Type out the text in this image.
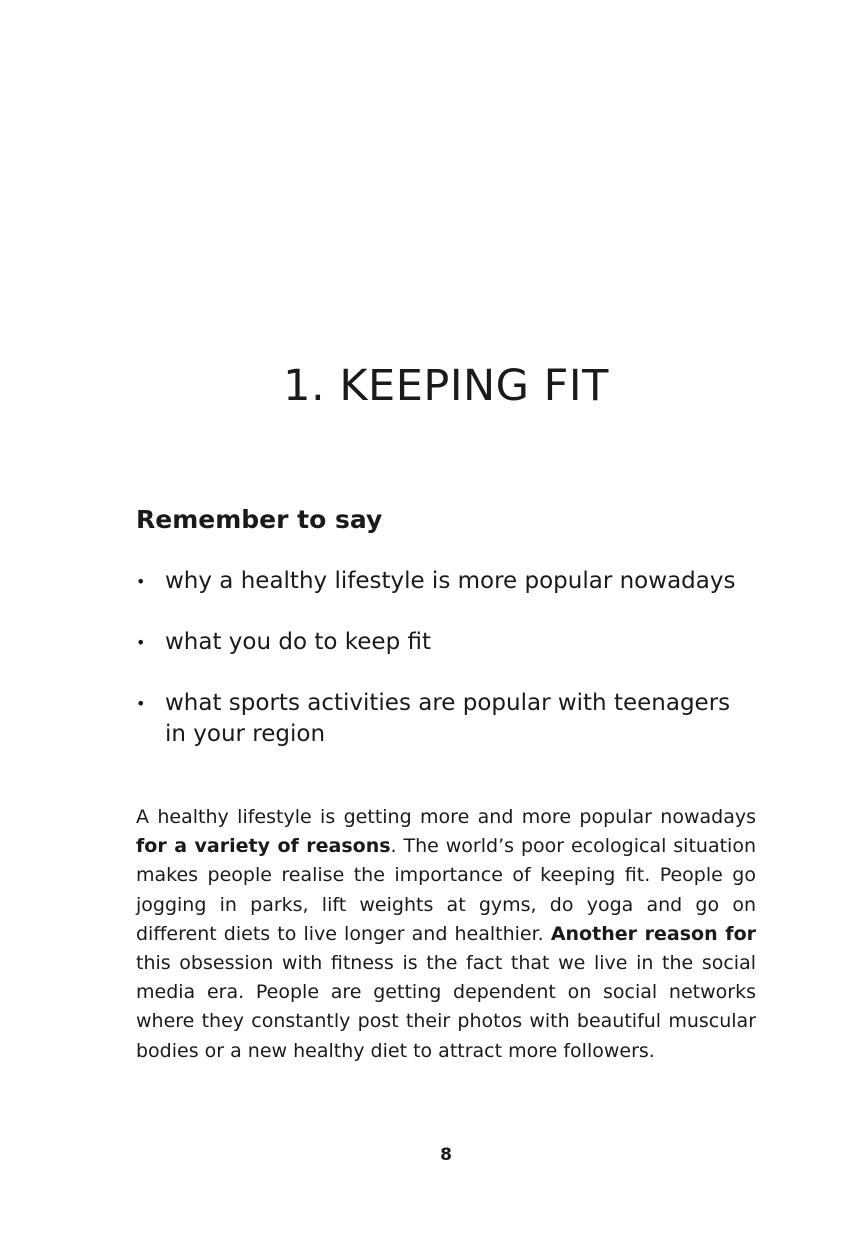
1. KEEPING FIT
Remember to say
• why a healthy lifestyle is more popular nowadays
• what you do to keep fit
• what sports activities are popular with teenagers in your region

A healthy lifestyle is getting more and more popular nowadays for a variety of reasons. The world’s poor ecological situation makes people realise the importance of keeping fit. People go jogging in parks, lift weights at gyms, do yoga and go on different diets to live longer and healthier. Another reason for this obsession with fitness is the fact that we live in the social media era. People are getting dependent on social networks where they constantly post their photos with beautiful muscular bodies or a new healthy diet to attract more followers.

8
